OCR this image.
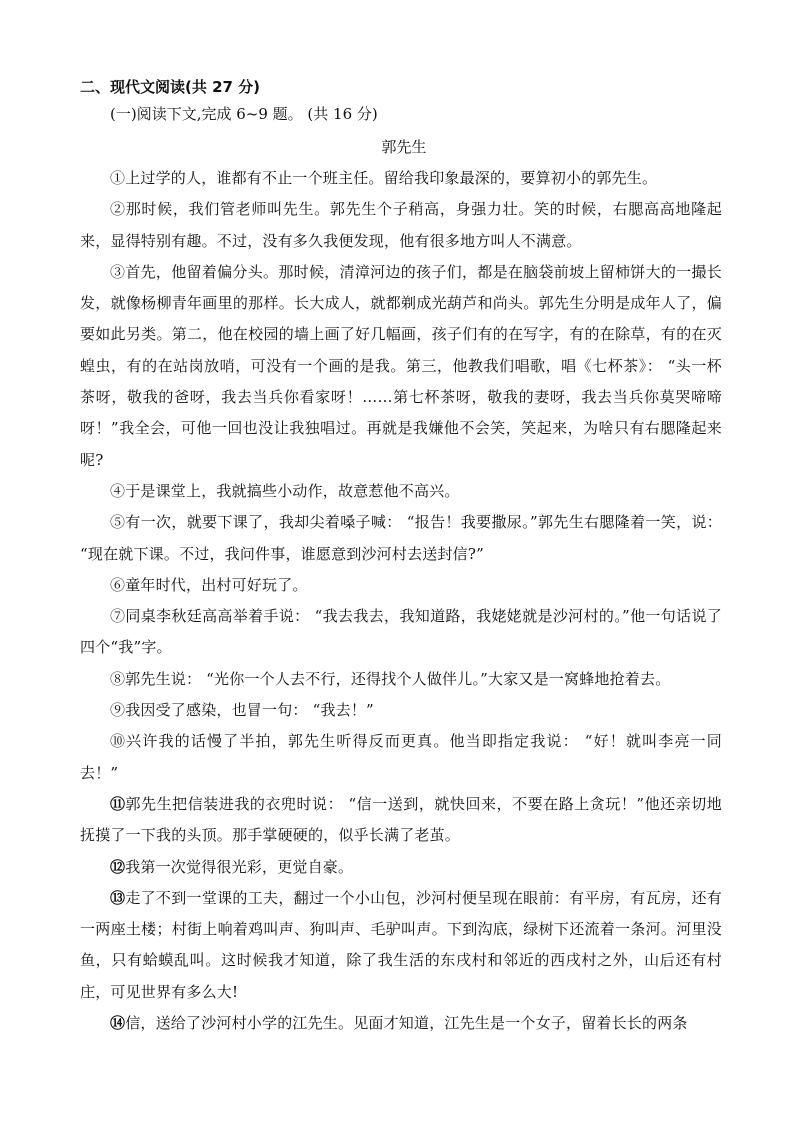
二、现代文阅读(共 27 分)

(一)阅读下文,完成 6~9 题。 (共 16 分)

郭先生

①上过学的人，谁都有不止一个班主任。留给我印象最深的，要算初小的郭先生。

②那时候，我们管老师叫先生。郭先生个子稍高，身强力壮。笑的时候，右腮高高地隆起来，显得特别有趣。不过，没有多久我便发现，他有很多地方叫人不满意。

③首先，他留着偏分头。那时候，清漳河边的孩子们，都是在脑袋前坡上留柿饼大的一撮长发，就像杨柳青年画里的那样。长大成人，就都剃成光葫芦和尚头。郭先生分明是成年人了，偏要如此另类。第二，他在校园的墙上画了好几幅画，孩子们有的在写字，有的在除草，有的在灭蝗虫，有的在站岗放哨，可没有一个画的是我。第三，他教我们唱歌，唱《七杯茶》： “头一杯茶呀，敬我的爸呀，我去当兵你看家呀！……第七杯茶呀，敬我的妻呀，我去当兵你莫哭啼啼呀！”我全会，可他一回也没让我独唱过。再就是我嫌他不会笑，笑起来，为啥只有右腮隆起来呢?

④于是课堂上，我就搞些小动作，故意惹他不高兴。

⑤有一次，就要下课了，我却尖着嗓子喊： “报告！我要撒尿。”郭先生右腮隆着一笑，说： “现在就下课。不过，我问件事，谁愿意到沙河村去送封信?”

⑥童年时代，出村可好玩了。

⑦同桌李秋廷高高举着手说： “我去我去，我知道路，我姥姥就是沙河村的。”他一句话说了四个“我”字。

⑧郭先生说： “光你一个人去不行，还得找个人做伴儿。”大家又是一窝蜂地抢着去。

⑨我因受了感染，也冒一句： “我去！”

⑩兴许我的话慢了半拍，郭先生听得反而更真。他当即指定我说： “好！就叫李亮一同去！”

⑪郭先生把信装进我的衣兜时说： “信一送到，就快回来，不要在路上贪玩！”他还亲切地抚摸了一下我的头顶。那手掌硬硬的，似乎长满了老茧。

⑫我第一次觉得很光彩，更觉自豪。

⑬走了不到一堂课的工夫，翻过一个小山包，沙河村便呈现在眼前：有平房，有瓦房，还有一两座土楼；村街上响着鸡叫声、狗叫声、毛驴叫声。下到沟底，绿树下还流着一条河。河里没鱼，只有蛤蟆乱叫。这时候我才知道，除了我生活的东戌村和邻近的西戌村之外，山后还有村庄，可见世界有多么大!

⑭信，送给了沙河村小学的江先生。见面才知道，江先生是一个女子，留着长长的两条
